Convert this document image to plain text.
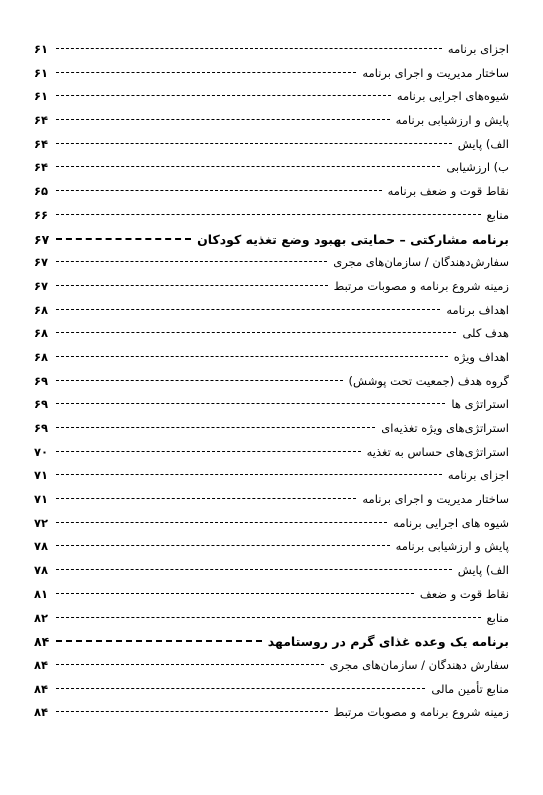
اجزای برنامه
۶۱
ساختار مدیریت و اجرای برنامه
۶۱
شیوه‌های اجرایی برنامه
۶۱
پایش و ارزشیابی برنامه
۶۴
الف) پایش
۶۴
ب) ارزشیابی
۶۴
نقاط قوت و ضعف برنامه
۶۵
منابع
۶۶
برنامه مشارکتی – حمایتی بهبود وضع تغذیه کودکان
۶۷
سفارش‌دهندگان / سازمان‌های مجری
۶۷
زمینه شروع برنامه و مصوبات مرتبط
۶۷
اهداف برنامه
۶۸
هدف کلی
۶۸
اهداف ویژه
۶۸
گروه هدف (جمعیت تحت پوشش)
۶۹
استراتژی ها
۶۹
استراتژی‌های ویژه تغذیه‌ای
۶۹
استراتژی‌های حساس به تغذیه
۷۰
اجزای برنامه
۷۱
ساختار مدیریت و اجرای برنامه
۷۱
شیوه های اجرایی برنامه
۷۲
پایش و ارزشیابی برنامه
۷۸
الف) پایش
۷۸
نقاط قوت و ضعف
۸۱
منابع
۸۲
برنامه یک وعده غذای گرم در روستامهد
۸۴
سفارش دهندگان / سازمان‌های مجری
۸۴
منابع تأمین مالی
۸۴
زمینه شروع برنامه و مصوبات مرتبط
۸۴
